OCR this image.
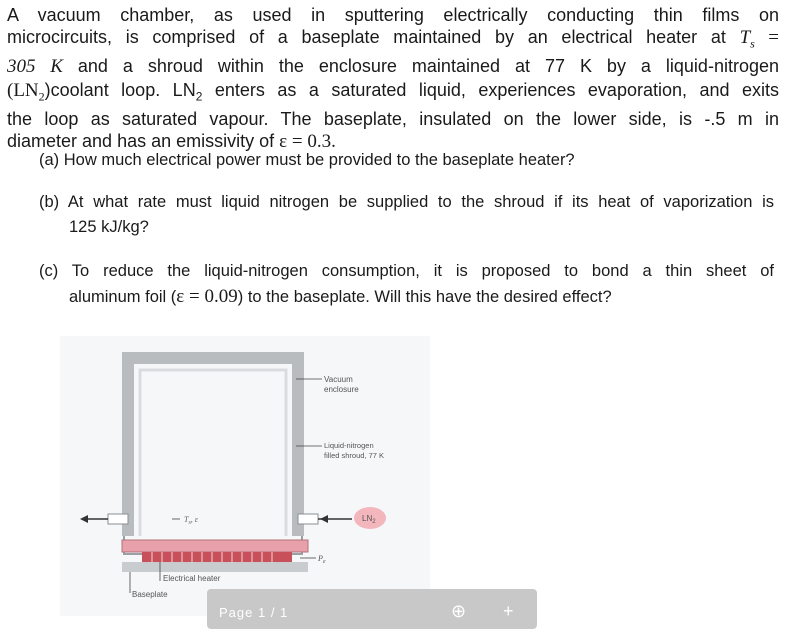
A vacuum chamber, as used in sputtering electrically conducting thin films on
microcircuits, is comprised of a baseplate maintained by an electrical heater at $T_s$ =
305 K and a shroud within the enclosure maintained at 77 K by a liquid-nitrogen
$(LN_2)coolant$ loop. $LN_2$ enters as a saturated liquid, experiences evaporation, and exits
the loop as saturated vapour. The baseplate, insulated on the lower side, is -.5 m in
diameter and has an emissivity of ε = 0.3.
(a) How much electrical power must be provided to the baseplate heater?
(b) At what rate must liquid nitrogen be supplied to the shroud if its heat of vaporization is
125 kJ/kg?
(c) To reduce the liquid-nitrogen consumption, it is proposed to bond a thin sheet of
aluminum foil (ε = 0.09) to the baseplate. Will this have the desired effect?
Vacuum
enclosure
Liquid-nitrogen
filled shroud, 77 K
$LN_2$
$T_s$, ε
$P_e$
Electrical heater
Baseplate
Page 1 / 1	⊕ +
